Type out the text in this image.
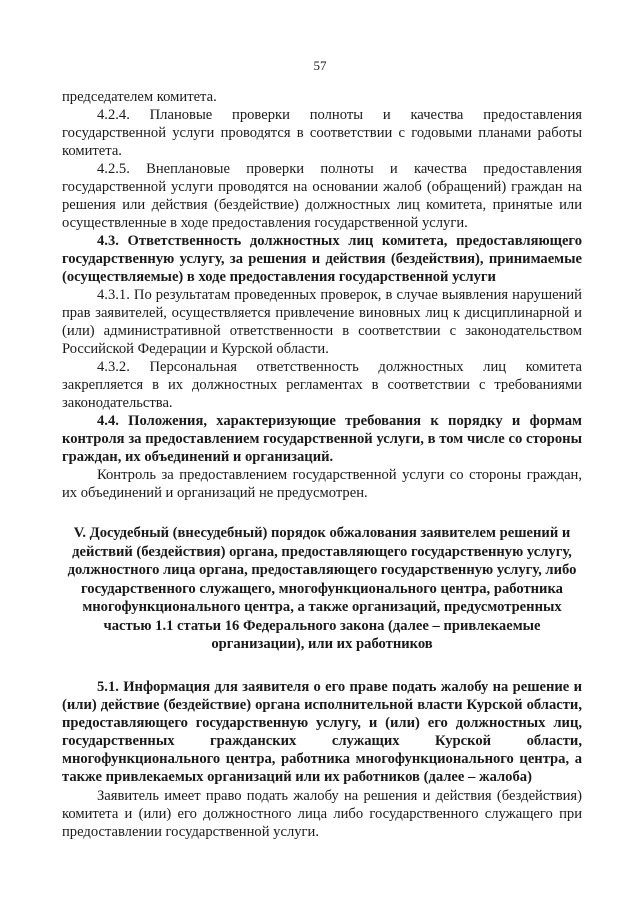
57

председателем комитета.

4.2.4. Плановые проверки полноты и качества предоставления государственной услуги проводятся в соответствии с годовыми планами работы комитета.

4.2.5. Внеплановые проверки полноты и качества предоставления государственной услуги проводятся на основании жалоб (обращений) граждан на решения или действия (бездействие) должностных лиц комитета, принятые или осуществленные в ходе предоставления государственной услуги.

4.3. Ответственность должностных лиц комитета, предоставляющего государственную услугу, за решения и действия (бездействия), принимаемые (осуществляемые) в ходе предоставления государственной услуги

4.3.1. По результатам проведенных проверок, в случае выявления нарушений прав заявителей, осуществляется привлечение виновных лиц к дисциплинарной и (или) административной ответственности в соответствии с законодательством Российской Федерации и Курской области.

4.3.2. Персональная ответственность должностных лиц комитета закрепляется в их должностных регламентах в соответствии с требованиями законодательства.

4.4. Положения, характеризующие требования к порядку и формам контроля за предоставлением государственной услуги, в том числе со стороны граждан, их объединений и организаций.

Контроль за предоставлением государственной услуги со стороны граждан, их объединений и организаций не предусмотрен.

V. Досудебный (внесудебный) порядок обжалования заявителем решений и действий (бездействия) органа, предоставляющего государственную услугу, должностного лица органа, предоставляющего государственную услугу, либо государственного служащего, многофункционального центра, работника многофункционального центра, а также организаций, предусмотренных частью 1.1 статьи 16 Федерального закона (далее – привлекаемые организации), или их работников

5.1. Информация для заявителя о его праве подать жалобу на решение и (или) действие (бездействие) органа исполнительной власти Курской области, предоставляющего государственную услугу, и (или) его должностных лиц, государственных гражданских служащих Курской области, многофункционального центра, работника многофункционального центра, а также привлекаемых организаций или их работников (далее – жалоба)

Заявитель имеет право подать жалобу на решения и действия (бездействия) комитета и (или) его должностного лица либо государственного служащего при предоставлении государственной услуги.
